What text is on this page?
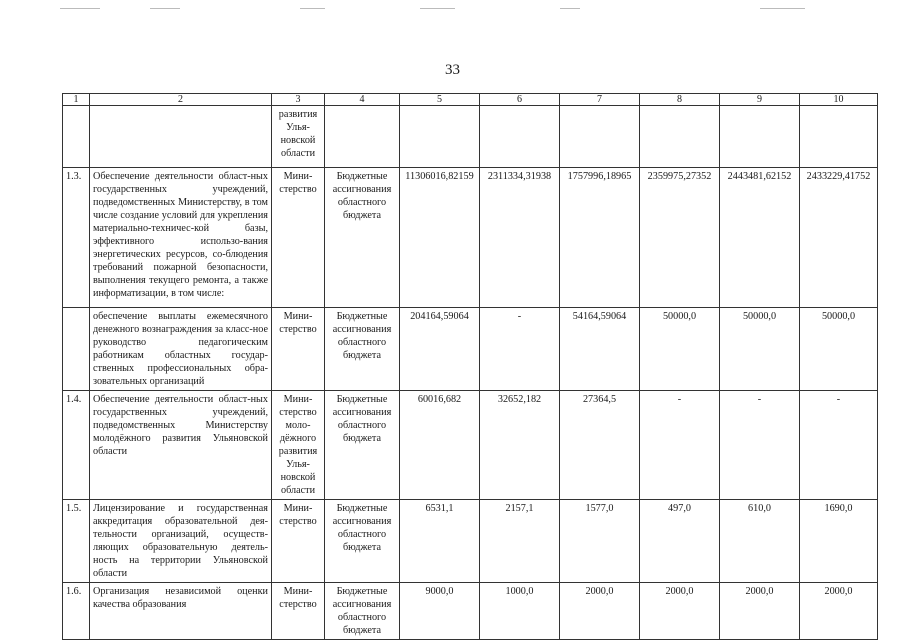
33
1	2	3	4	5	6	7	8	9	10
		развития Улья-новской области							
1.3.	Обеспечение деятельности област-ных государственных учреждений, подведомственных Министерству, в том числе создание условий для укрепления материально-техничес-кой базы, эффективного использо-вания энергетических ресурсов, со-блюдения требований пожарной безопасности, выполнения текущего ремонта, а также информатизации, в том числе:	Мини-стерство	Бюджетные ассигнования областного бюджета	11306016,82159	2311334,31938	1757996,18965	2359975,27352	2443481,62152	2433229,41752
	обеспечение выплаты ежемесячного денежного вознаграждения за класс-ное руководство педагогическим работникам областных государ-ственных профессиональных обра-зовательных организаций	Мини-стерство	Бюджетные ассигнования областного бюджета	204164,59064	-	54164,59064	50000,0	50000,0	50000,0
1.4.	Обеспечение деятельности област-ных государственных учреждений, подведомственных Министерству молодёжного развития Ульяновской области	Мини-стерство моло-дёжного развития Улья-новской области	Бюджетные ассигнования областного бюджета	60016,682	32652,182	27364,5	-	-	-
1.5.	Лицензирование и государственная аккредитация образовательной дея-тельности организаций, осуществ-ляющих образовательную деятель-ность на территории Ульяновской области	Мини-стерство	Бюджетные ассигнования областного бюджета	6531,1	2157,1	1577,0	497,0	610,0	1690,0
1.6.	Организация независимой оценки качества образования	Мини-стерство	Бюджетные ассигнования областного бюджета	9000,0	1000,0	2000,0	2000,0	2000,0	2000,0
